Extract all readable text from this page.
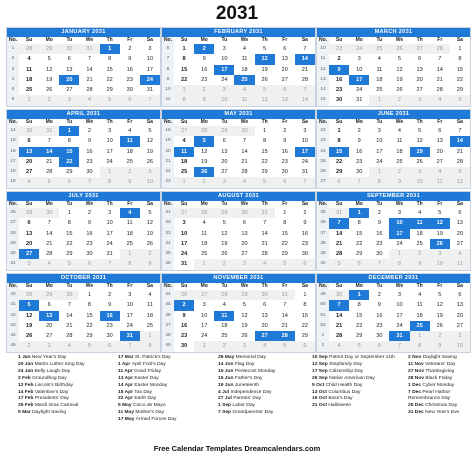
2031
JANUARY 2031
No.	Su	Mo	Tu	We	Th	Fr	Sa
1	28	29	30	31	1	2	3
2	4	5	6	7	8	9	10
3	11	12	13	14	15	16	17
4	18	19	20	21	22	23	24
5	25	26	27	28	29	30	31
6	1	2	3	4	5	6	7
FEBRUARY 2031
No.	Su	Mo	Tu	We	Th	Fr	Sa
6	1	2	3	4	5	6	7
7	8	9	10	11	12	13	14
8	15	16	17	18	19	20	21
9	22	23	24	25	26	27	28
10	1	2	3	4	5	6	7
11	8	9	10	11	12	13	14
MARCH 2031
No.	Su	Mo	Tu	We	Th	Fr	Sa
10	23	24	25	26	27	28	1
11	2	3	4	5	6	7	8
12	9	10	11	12	13	14	15
13	16	17	18	19	20	21	22
14	23	24	25	26	27	28	29
15	30	31	1	2	3	4	5
APRIL 2031
No.	Su	Mo	Tu	We	Th	Fr	Sa
14	30	31	1	2	3	4	5
15	6	7	8	9	10	11	12
16	13	14	15	16	17	18	19
17	20	21	22	23	24	25	26
18	27	28	29	30	1	2	3
19	4	5	6	7	8	9	10
MAY 2031
No.	Su	Mo	Tu	We	Th	Fr	Sa
18	27	28	29	30	1	2	3
19	4	5	6	7	8	9	10
20	11	12	13	14	15	16	17
21	18	19	20	21	22	23	24
22	25	26	27	28	29	30	31
23	1	2	3	4	5	6	7
JUNE 2031
No.	Su	Mo	Tu	We	Th	Fr	Sa
22	1	2	3	4	5	6	7
23	8	9	10	11	12	13	14
24	15	16	17	18	19	20	21
25	22	23	24	25	26	27	28
26	29	30	1	2	3	4	5
27	6	7	8	9	10	11	12
JULY 2031
No.	Su	Mo	Tu	We	Th	Fr	Sa
26	29	30	1	2	3	4	5
27	6	7	8	9	10	11	12
28	13	14	15	16	17	18	19
29	20	21	22	23	24	25	26
30	27	28	29	30	31	1	2
31	3	4	5	6	7	8	9
AUGUST 2031
No.	Su	Mo	Tu	We	Th	Fr	Sa
31	27	28	29	30	31	1	2
32	3	4	5	6	7	8	9
33	10	11	12	13	14	15	16
34	17	18	19	20	21	22	23
35	24	25	26	27	28	29	30
36	31	1	2	3	4	5	6
SEPTEMBER 2031
No.	Su	Mo	Tu	We	Th	Fr	Sa
35	31	1	2	3	4	5	6
36	7	8	9	10	11	12	13
37	14	15	16	17	18	19	20
38	21	22	23	24	25	26	27
39	28	29	30	1	2	3	4
40	5	6	7	8	9	10	11
OCTOBER 2031
No.	Su	Mo	Tu	We	Th	Fr	Sa
40	28	29	30	1	2	3	4
41	5	6	7	8	9	10	11
42	12	13	14	15	16	17	18
43	19	20	21	22	23	24	25
44	26	27	28	29	30	31	1
45	2	3	4	5	6	7	8
NOVEMBER 2031
No.	Su	Mo	Tu	We	Th	Fr	Sa
44	26	27	28	29	30	31	1
45	2	3	4	5	6	7	8
46	9	10	11	12	13	14	15
47	16	17	18	19	20	21	22
48	23	24	25	26	27	28	29
49	30	1	2	3	4	5	6
DECEMBER 2031
No.	Su	Mo	Tu	We	Th	Fr	Sa
49	30	1	2	3	4	5	6
50	7	8	9	10	11	12	13
51	14	15	16	17	18	19	20
52	21	22	23	24	25	26	27
1	28	29	30	31	1	2	3
2	4	5	6	7	8	9	10
1 Jan New Year's Day
20 Jan Martin Luther King Day
24 Jan Belly Laugh Day
2 Feb Groundhog Day
12 Feb Lincoln's Birthday
14 Feb Valentine's Day
17 Feb Presidents' Day
25 Feb Mardi Gras Carnival
9 Mar Daylight Saving
17 Mar St. Patrick's Day
1 Apr April Fool's Day
11 Apr Good Friday
13 Apr Easter Day
14 Apr Easter Monday
15 Apr Tax Day
22 Apr Earth Day
5 May Cinco de Mayo
11 May Mother's Day
17 May Armed Forces Day
26 May Memorial Day
14 Jun Flag Day
15 Jun Pentecost Monday
15 Jun Father's Day
19 Jun Juneteenth
4 Jul Independence Day
27 Jul Parents' Day
1 Sep Labor Day
7 Sep Grandparents' Day
10 Sep Patriot Day or September 11th
12 Sep Stepfamily Day
17 Sep Citizenship Day
26 Sep Native American Day
5 Oct Child Health Day
13 Oct Columbus Day
16 Oct Boss's Day
31 Oct Halloween
2 Nov Daylight Saving
11 Nov Veterans' Day
27 Nov Thanksgiving
28 Nov Black Friday
1 Dec Cyber Monday
7 Dec Pearl Harbor Remembrance Day
25 Dec Christmas Day
31 Dec New Year's Eve
Free Calendar Templates Dreamcalendars.com
